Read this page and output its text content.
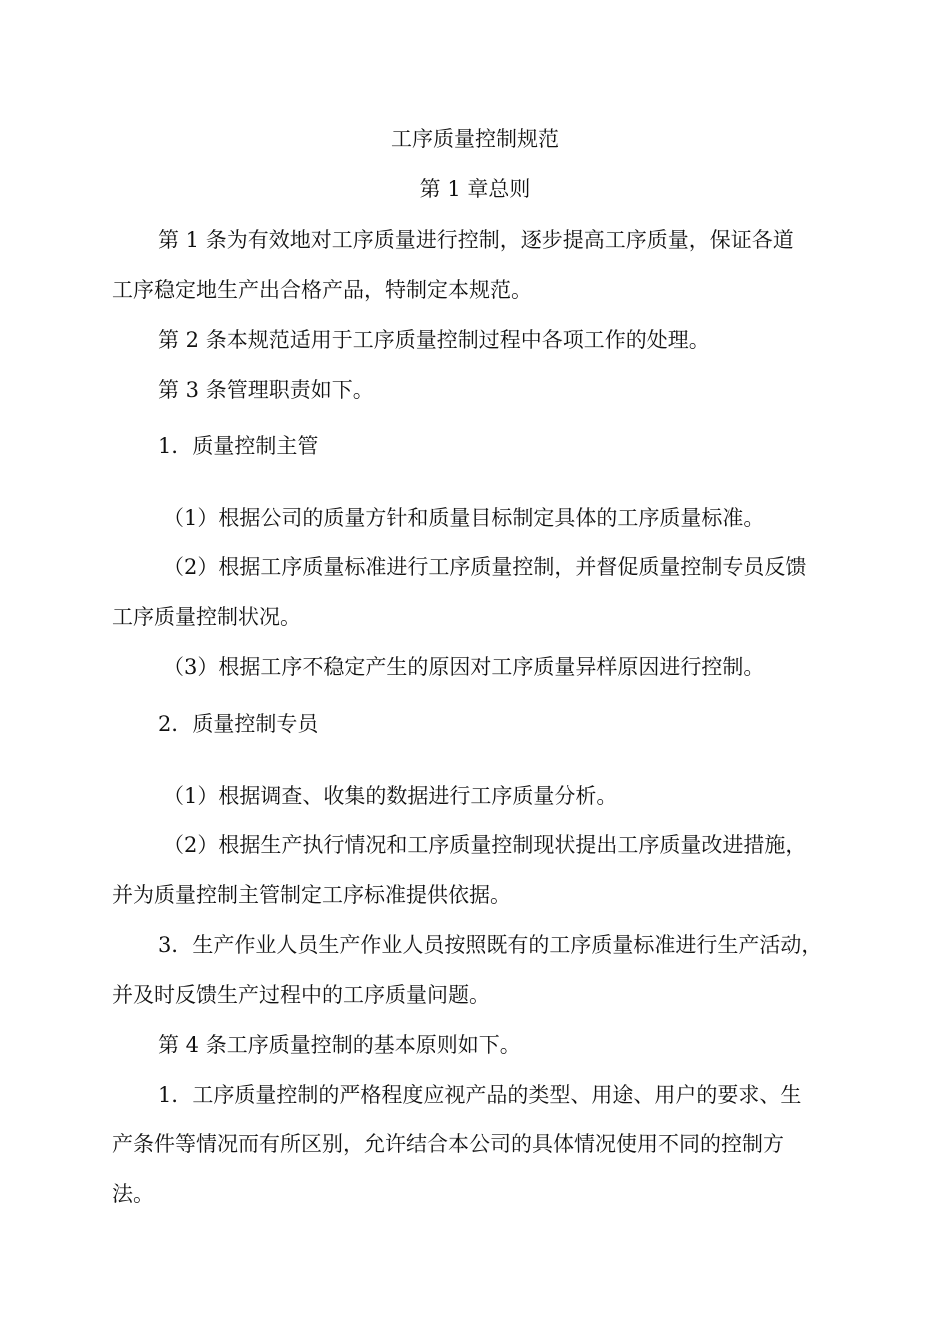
工序质量控制规范
第 1 章总则
第 1 条为有效地对工序质量进行控制，逐步提高工序质量，保证各道
工序稳定地生产出合格产品，特制定本规范。
第 2 条本规范适用于工序质量控制过程中各项工作的处理。
第 3 条管理职责如下。
1．质量控制主管
（1）根据公司的质量方针和质量目标制定具体的工序质量标准。
（2）根据工序质量标准进行工序质量控制，并督促质量控制专员反馈
工序质量控制状况。
（3）根据工序不稳定产生的原因对工序质量异样原因进行控制。
2．质量控制专员
（1）根据调查、收集的数据进行工序质量分析。
（2）根据生产执行情况和工序质量控制现状提出工序质量改进措施，
并为质量控制主管制定工序标准提供依据。
3．生产作业人员生产作业人员按照既有的工序质量标准进行生产活动，
并及时反馈生产过程中的工序质量问题。
第 4 条工序质量控制的基本原则如下。
1．工序质量控制的严格程度应视产品的类型、用途、用户的要求、生
产条件等情况而有所区别，允许结合本公司的具体情况使用不同的控制方
法。
